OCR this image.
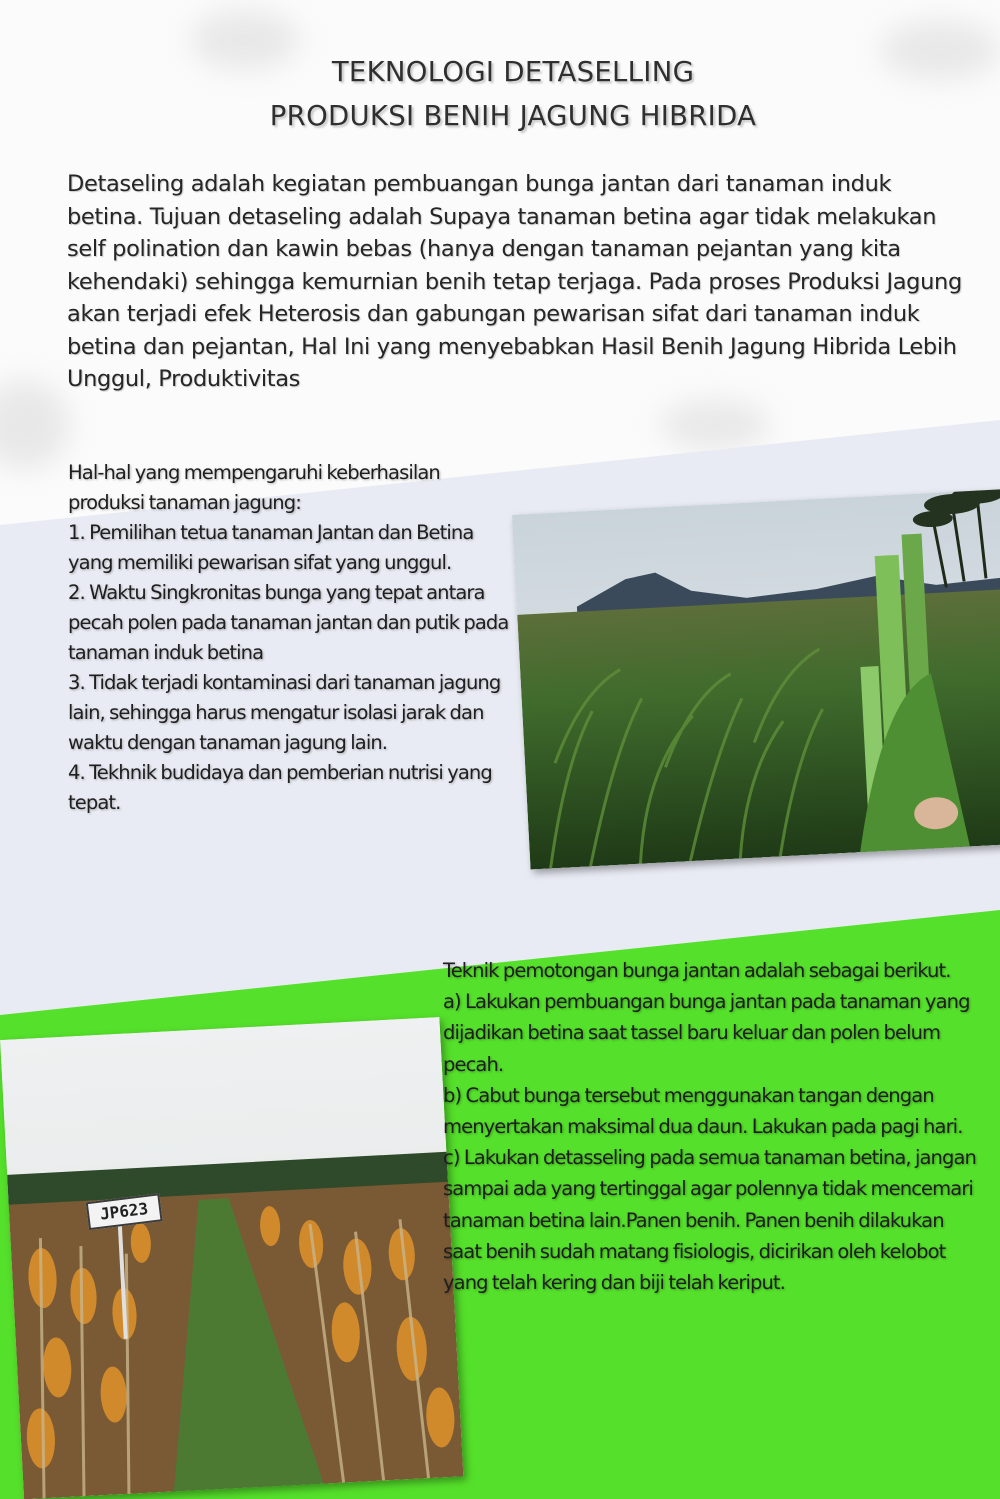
TEKNOLOGI DETASELLING
PRODUKSI BENIH JAGUNG HIBRIDA

Detaseling adalah kegiatan pembuangan bunga jantan dari tanaman induk betina. Tujuan detaseling adalah Supaya tanaman betina agar tidak melakukan self polination dan kawin bebas (hanya dengan tanaman pejantan yang kita kehendaki) sehingga kemurnian benih tetap terjaga. Pada proses Produksi Jagung akan terjadi efek Heterosis dan gabungan pewarisan sifat dari tanaman induk betina dan pejantan, Hal Ini yang menyebabkan Hasil Benih Jagung Hibrida Lebih Unggul, Produktivitas

Hal-hal yang mempengaruhi keberhasilan produksi tanaman jagung:

1. Pemilihan tetua tanaman Jantan dan Betina yang memiliki pewarisan sifat yang unggul.

2. Waktu Singkronitas bunga yang tepat antara pecah polen pada tanaman jantan dan putik pada tanaman induk betina

3. Tidak terjadi kontaminasi dari tanaman jagung lain, sehingga harus mengatur isolasi jarak dan waktu dengan tanaman jagung lain.

4. Tekhnik budidaya dan pemberian nutrisi yang tepat.

JP623

Teknik pemotongan bunga jantan adalah sebagai berikut.

a) Lakukan pembuangan bunga jantan pada tanaman yang dijadikan betina saat tassel baru keluar dan polen belum pecah.

b) Cabut bunga tersebut menggunakan tangan dengan menyertakan maksimal dua daun. Lakukan pada pagi hari.

c) Lakukan detasseling pada semua tanaman betina, jangan sampai ada yang tertinggal agar polennya tidak mencemari tanaman betina lain.Panen benih. Panen benih dilakukan saat benih sudah matang fisiologis, dicirikan oleh kelobot yang telah kering dan biji telah keriput.
